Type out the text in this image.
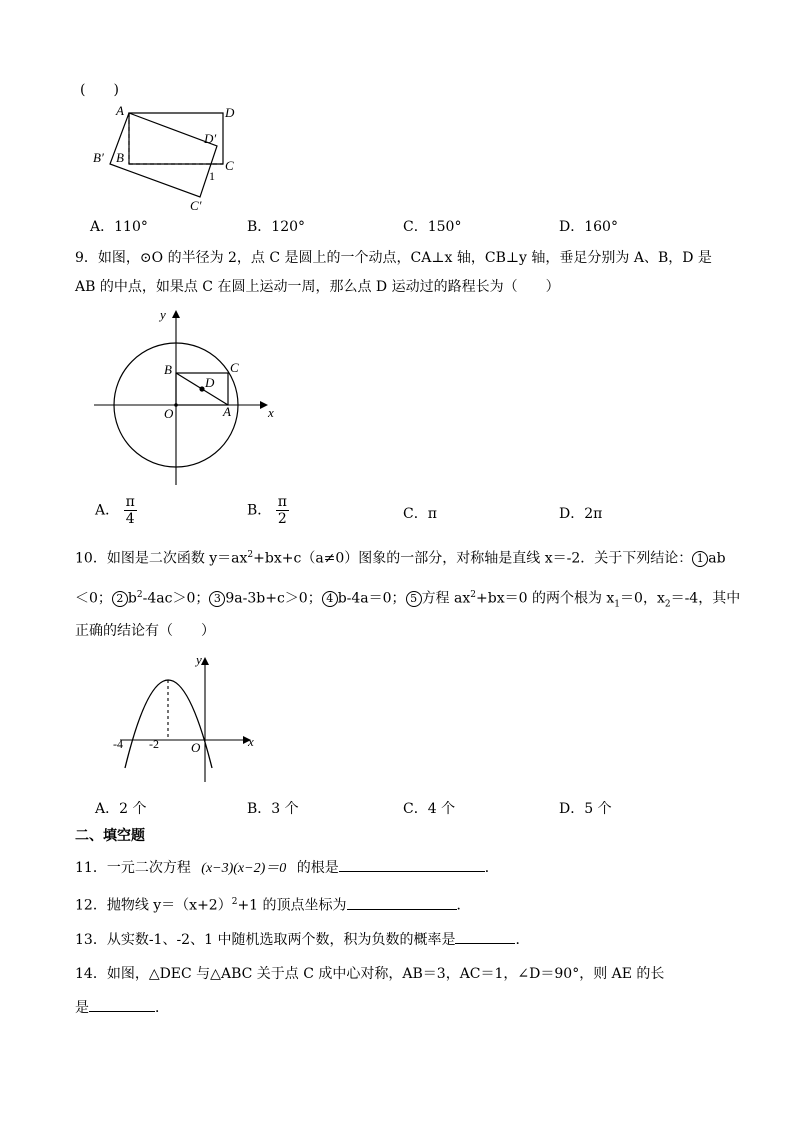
(　　)
A	D
D′
B′ B
C
1
C′
A．110°	B．120°	C．150°	D．160°
9．如图，⊙O 的半径为 2，点 C 是圆上的一个动点，CA⊥x 轴，CB⊥y 轴，垂足分别为 A、B，D 是
AB 的中点，如果点 C 在圆上运动一周，那么点 D 运动过的路程长为（　　）
y
x
B	C
D
O	A
A． $\frac{\pi}{4}$	B． $\frac{\pi}{2}$	C．π	D．2π
10．如图是二次函数 $y=ax^2+bx+c(a\ne 0)$图象的一部分，对称轴是直线 x＝-2．关于下列结论： 1 ab
＜0； 2 $b^2-4ac>0$； 3 9a-3b+c＞0； 4 b-4a＝0； 5 方程 $ax^2+bx=0$ 的两个根为 $x_1=0$，$x_2=-4$，其中
正确的结论有（　　）
y
x
-4 -2 O
A．2 个	B．3 个	C．4 个	D．5 个
二、填空题
11．一元二次方程 (x−3)(x−2)＝0 的根是	．
12．抛物线 $y=(x+2)^2+1$ 的顶点坐标为	．
13．从实数-1、-2、1 中随机选取两个数，积为负数的概率是	．
14．如图，△DEC 与△ABC 关于点 C 成中心对称，AB＝3，AC＝1，∠D＝90°，则 AE 的长
是	．
